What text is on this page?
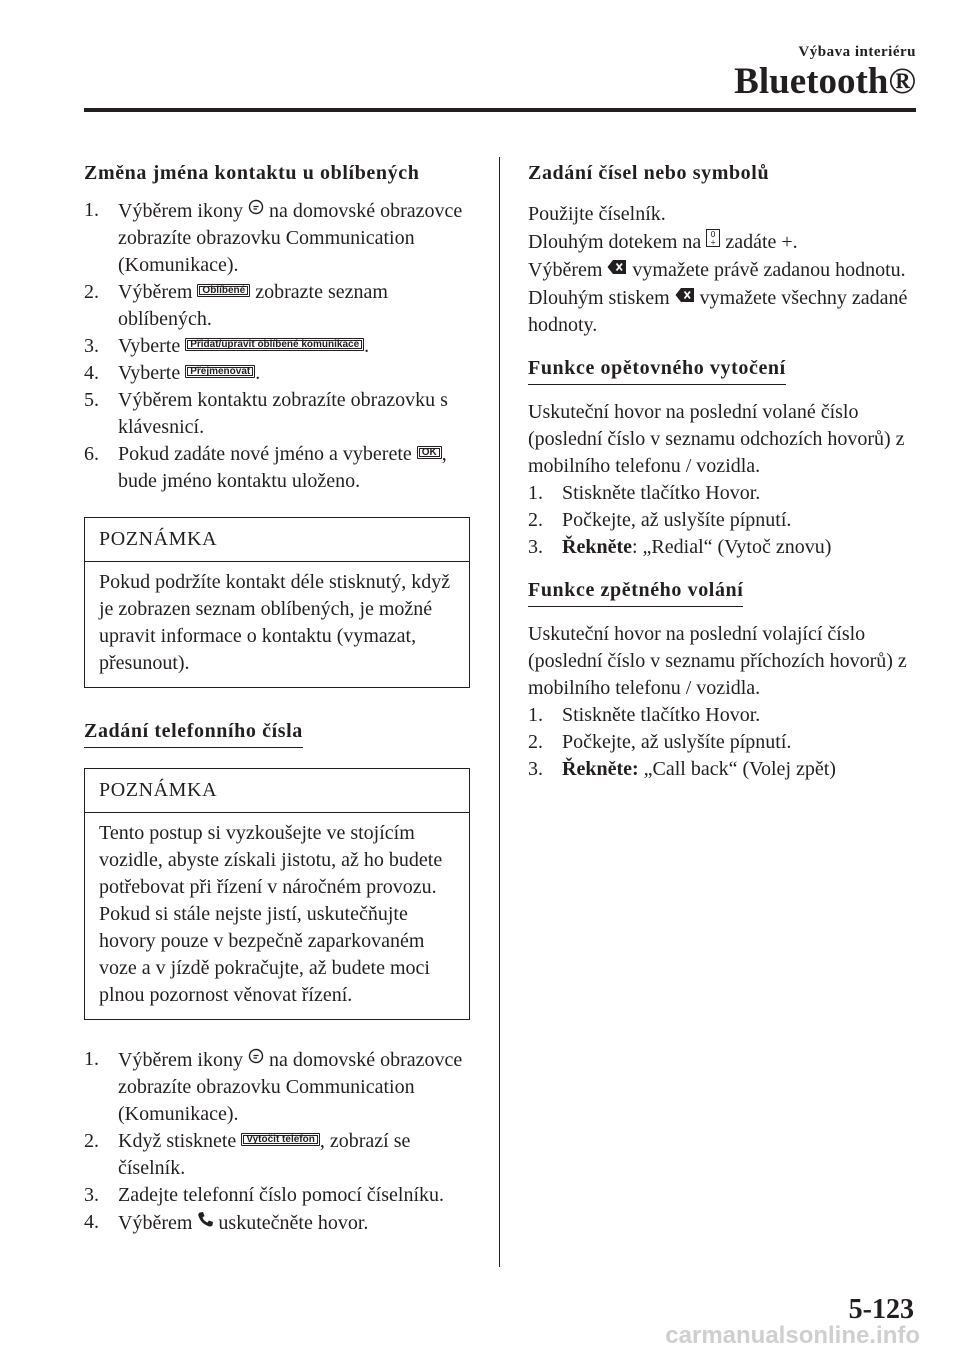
Výbava interiéru
Bluetooth®
Změna jména kontaktu u oblíbených
1. Výběrem ikony  na domovské obrazovce zobrazíte obrazovku Communication (Komunikace).
2. Výběrem Oblíbené zobrazte seznam oblíbených.
3. Vyberte Přidat/upravit oblíbené komunikace .
4. Vyberte Přejmenovat .
5. Výběrem kontaktu zobrazíte obrazovku s klávesnicí.
6. Pokud zadáte nové jméno a vyberete OK , bude jméno kontaktu uloženo.
POZNÁMKA
Pokud podržíte kontakt déle stisknutý, když je zobrazen seznam oblíbených, je možné upravit informace o kontaktu (vymazat, přesunout).
Zadání telefonního čísla
POZNÁMKA
Tento postup si vyzkoušejte ve stojícím vozidle, abyste získali jistotu, až ho budete potřebovat při řízení v náročném provozu. Pokud si stále nejste jistí, uskutečňujte hovory pouze v bezpečně zaparkovaném voze a v jízdě pokračujte, až budete moci plnou pozornost věnovat řízení.
1. Výběrem ikony  na domovské obrazovce zobrazíte obrazovku Communication (Komunikace).
2. Když stisknete Vytočit telefon , zobrazí se číselník.
3. Zadejte telefonní číslo pomocí číselníku.
4. Výběrem  uskutečněte hovor.
Zadání čísel nebo symbolů

Použijte číselník.

Dlouhým dotekem na 0
+ zadáte +.

Výběrem  vymažete právě zadanou hodnotu.

Dlouhým stiskem  vymažete všechny zadané hodnoty.

Funkce opětovného vytočení

Uskuteční hovor na poslední volané číslo (poslední číslo v seznamu odchozích hovorů) z mobilního telefonu / vozidla.

1. Stiskněte tlačítko Hovor.
2. Počkejte, až uslyšíte pípnutí.
3. Řekněte: „Redial“ (Vytoč znovu)
Funkce zpětného volání

Uskuteční hovor na poslední volající číslo (poslední číslo v seznamu příchozích hovorů) z mobilního telefonu / vozidla.

1. Stiskněte tlačítko Hovor.
2. Počkejte, až uslyšíte pípnutí.
3. Řekněte: „Call back“ (Volej zpět)
5-123
carmanualsonline.info
